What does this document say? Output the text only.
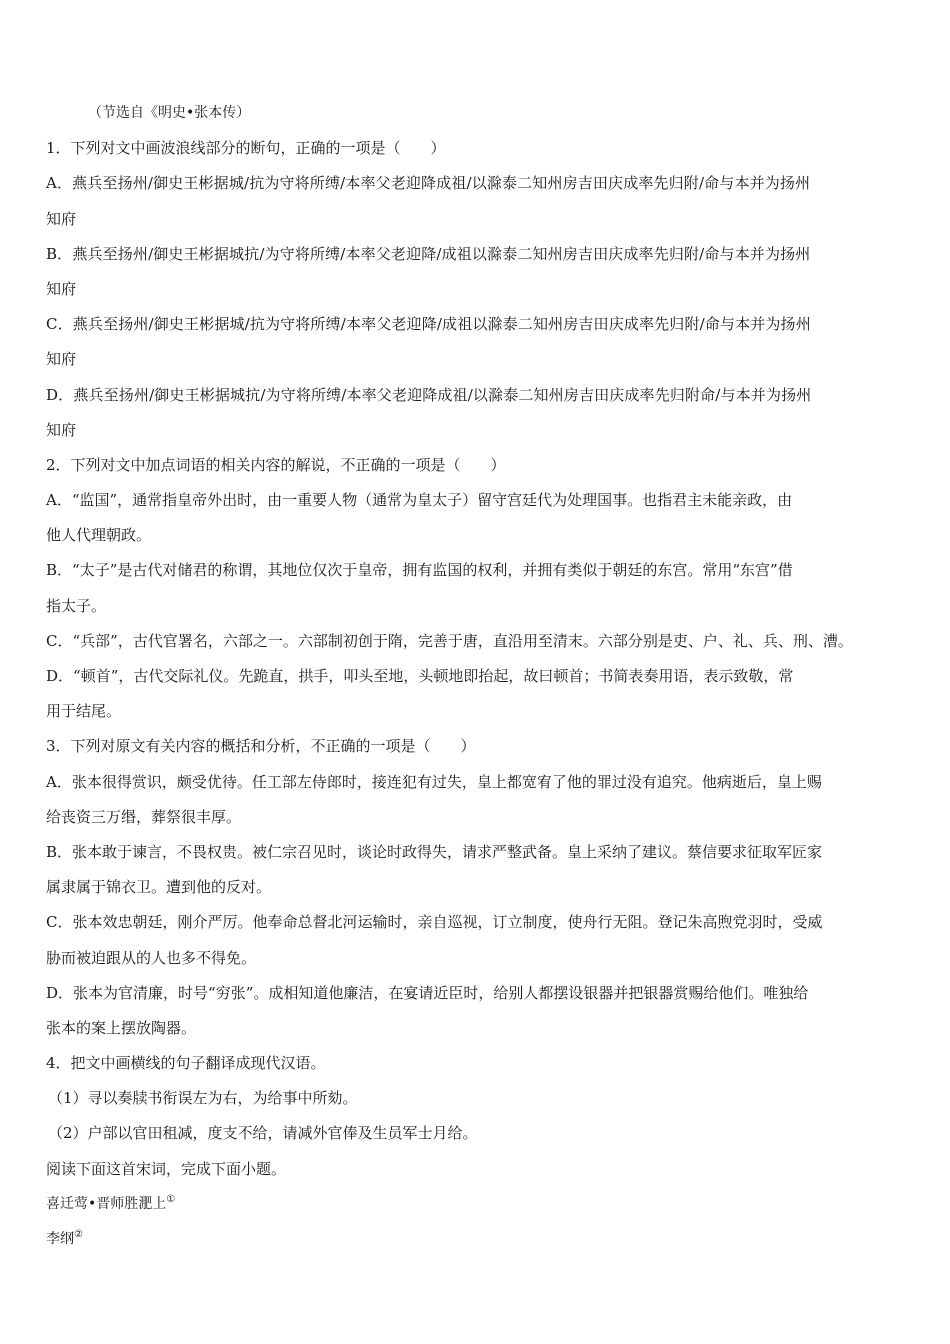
（节选自《明史•张本传）
1．下列对文中画波浪线部分的断句，正确的一项是（　　）
A．燕兵至扬州/御史王彬据城/抗为守将所缚/本率父老迎降成祖/以滁泰二知州房吉田庆成率先归附/命与本并为扬州
知府
B．燕兵至扬州/御史王彬据城抗/为守将所缚/本率父老迎降/成祖以滁泰二知州房吉田庆成率先归附/命与本并为扬州
知府
C．燕兵至扬州/御史王彬据城/抗为守将所缚/本率父老迎降/成祖以滁泰二知州房吉田庆成率先归附/命与本并为扬州
知府
D．燕兵至扬州/御史王彬据城抗/为守将所缚/本率父老迎降成祖/以滁泰二知州房吉田庆成率先归附命/与本并为扬州
知府
2．下列对文中加点词语的相关内容的解说，不正确的一项是（　　）
A．“监国”，通常指皇帝外出时，由一重要人物（通常为皇太子）留守宫廷代为处理国事。也指君主未能亲政，由
他人代理朝政。
B．“太子”是古代对储君的称谓，其地位仅次于皇帝，拥有监国的权利，并拥有类似于朝廷的东宫。常用“东宫”借
指太子。
C．“兵部”，古代官署名，六部之一。六部制初创于隋，完善于唐，直沿用至清末。六部分别是吏、户、礼、兵、刑、漕。
D．“顿首”，古代交际礼仪。先跪直，拱手，叩头至地，头顿地即抬起，故曰顿首；书简表奏用语，表示致敬，常
用于结尾。
3．下列对原文有关内容的概括和分析，不正确的一项是（　　）
A．张本很得赏识，颇受优待。任工部左侍郎时，接连犯有过失，皇上都宽宥了他的罪过没有追究。他病逝后，皇上赐
给丧资三万缗，葬祭很丰厚。
B．张本敢于谏言，不畏权贵。被仁宗召见时，谈论时政得失，请求严整武备。皇上采纳了建议。蔡信要求征取军匠家
属隶属于锦衣卫。遭到他的反对。
C．张本效忠朝廷，刚介严厉。他奉命总督北河运输时，亲自巡视，订立制度，使舟行无阻。登记朱高煦党羽时，受威
胁而被迫跟从的人也多不得免。
D．张本为官清廉，时号“穷张”。成相知道他廉洁，在宴请近臣时，给别人都摆设银器并把银器赏赐给他们。唯独给
张本的案上摆放陶器。
4．把文中画横线的句子翻译成现代汉语。
（1）寻以奏牍书衔误左为右，为给事中所劾。
（2）户部以官田租减，度支不给，请减外官俸及生员军士月给。
阅读下面这首宋词，完成下面小题。
喜迁莺•晋师胜淝上①
李纲②
